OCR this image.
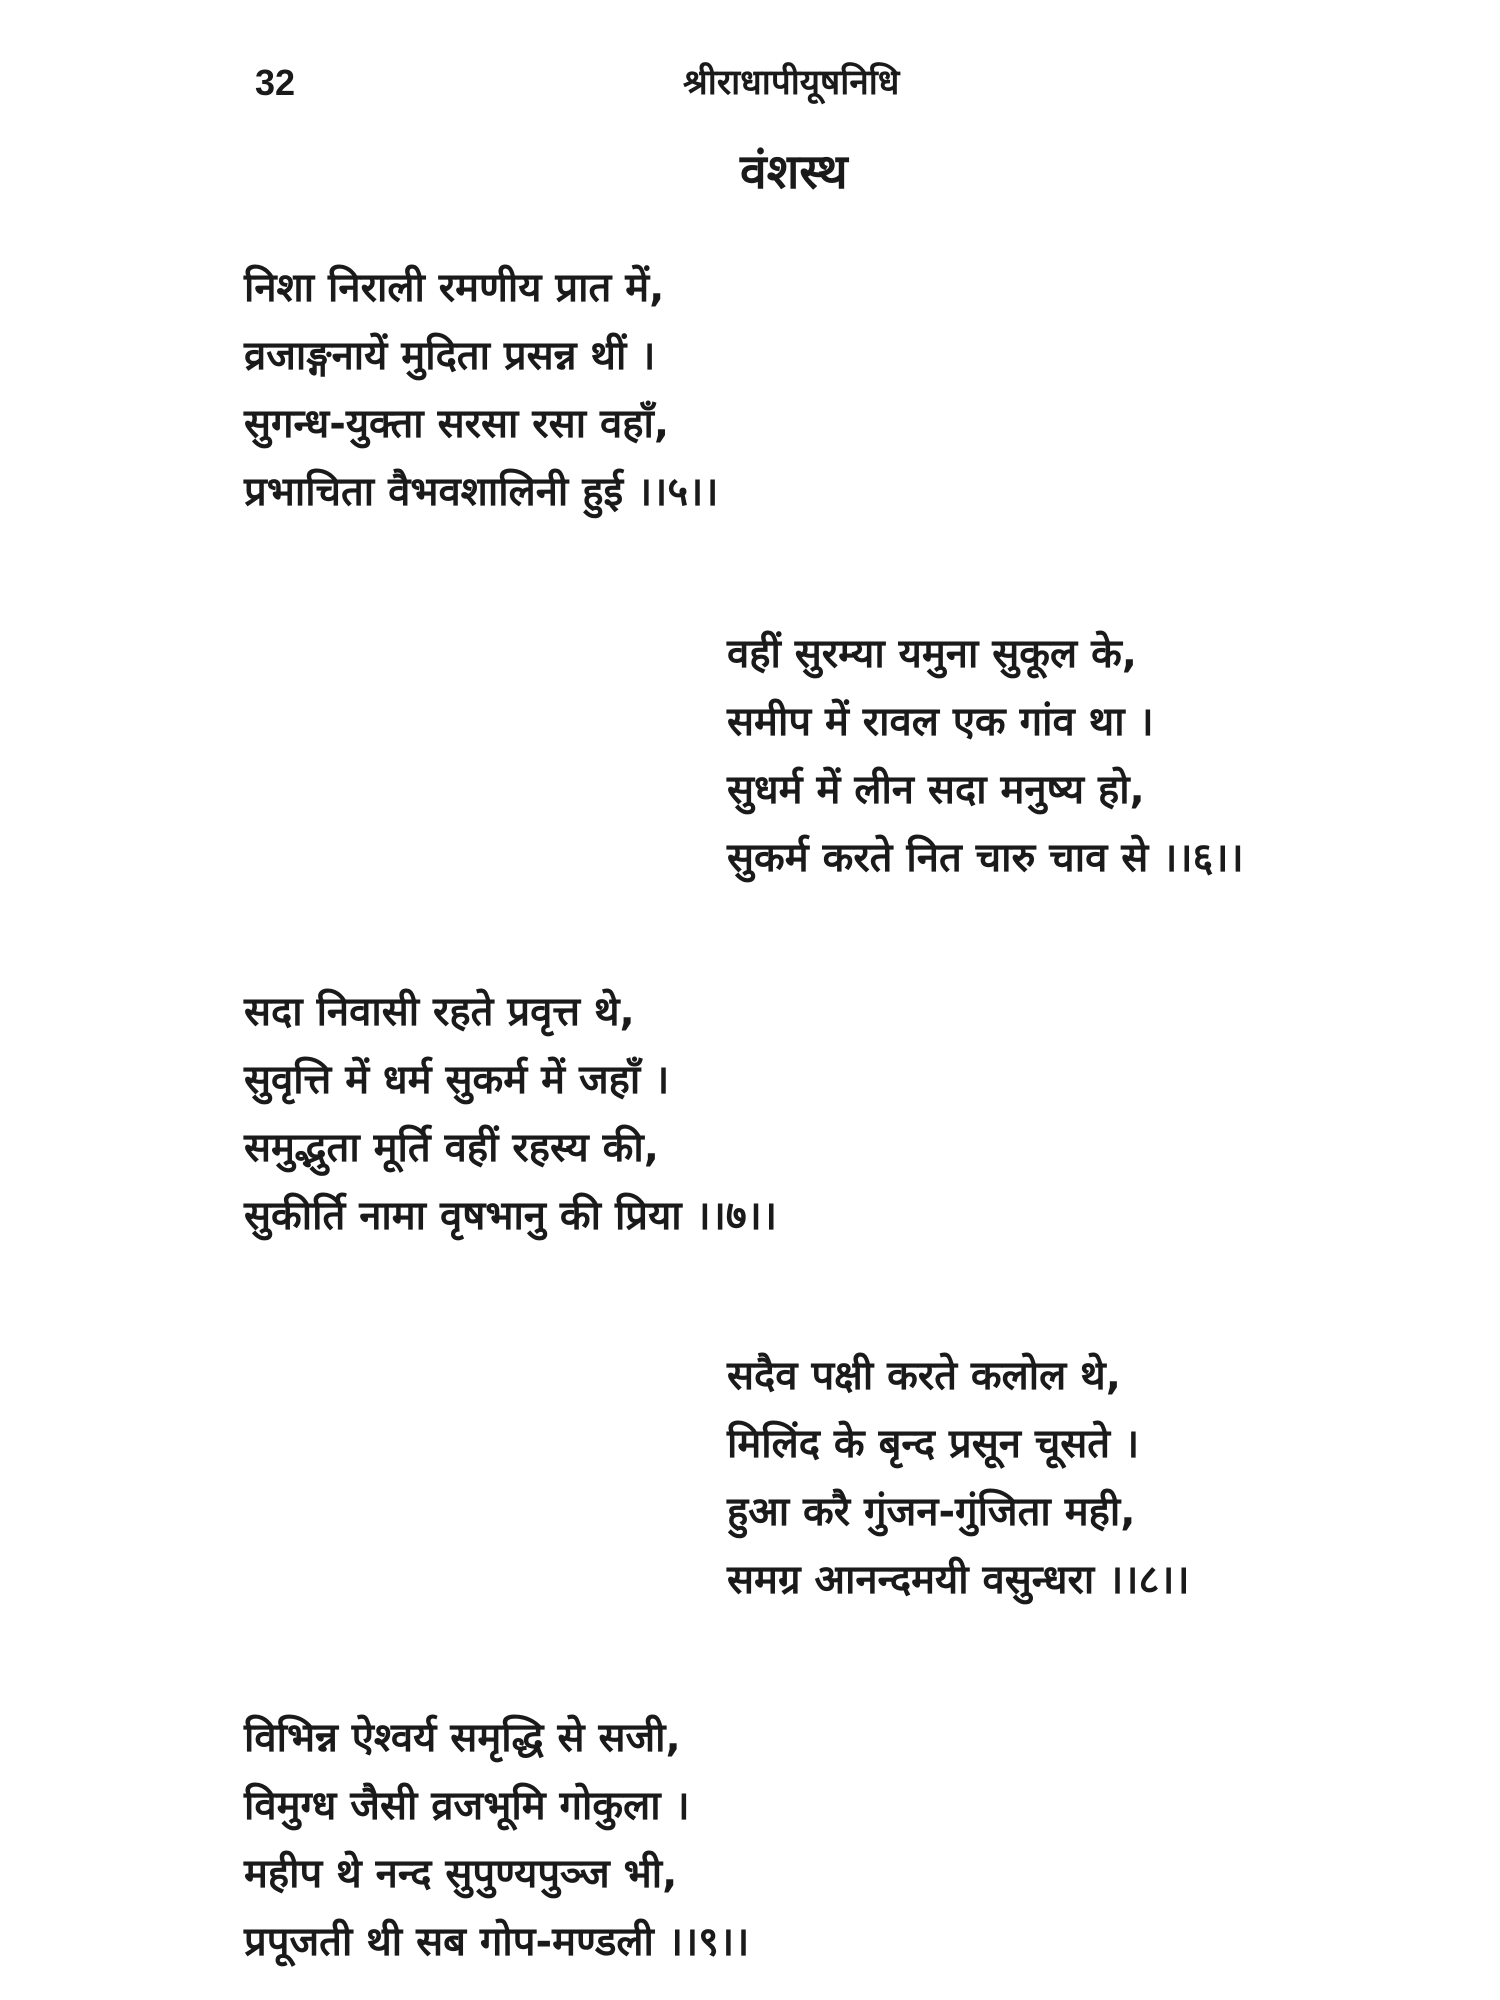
32	श्रीराधापीयूषनिधि
वंशस्थ
निशा निराली रमणीय प्रात में,
व्रजाङ्गनायें मुदिता प्रसन्न थीं ।
सुगन्ध-युक्ता सरसा रसा वहाँ,
प्रभाचिता वैभवशालिनी हुई ।।५।।
वहीं सुरम्या यमुना सुकूल के,
समीप में रावल एक गांव था ।
सुधर्म में लीन सदा मनुष्य हो,
सुकर्म करते नित चारु चाव से ।।६।।
सदा निवासी रहते प्रवृत्त थे,
सुवृत्ति में धर्म सुकर्म में जहाँ ।
समुद्भुता मूर्ति वहीं रहस्य की,
सुकीर्ति नामा वृषभानु की प्रिया ।।७।।
सदैव पक्षी करते कलोल थे,
मिलिंद के बृन्द प्रसून चूसते ।
हुआ करै गुंजन-गुंजिता मही,
समग्र आनन्दमयी वसुन्धरा ।।८।।
विभिन्न ऐश्वर्य समृद्धि से सजी,
विमुग्ध जैसी व्रजभूमि गोकुला ।
महीप थे नन्द सुपुण्यपुञ्ज भी,
प्रपूजती थी सब गोप-मण्डली ।।९।।
